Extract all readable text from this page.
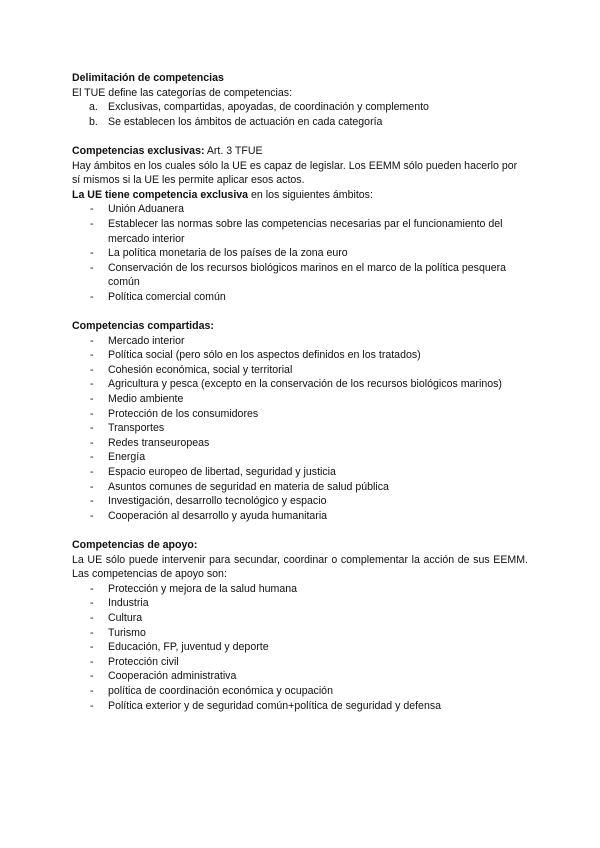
Delimitación de competencias

El TUE define las categorías de competencias:

a. Exclusivas, compartidas, apoyadas, de coordinación y complemento
b. Se establecen los ámbitos de actuación en cada categoría

Competencias exclusivas: Art. 3 TFUE

Hay ámbitos en los cuales sólo la UE es capaz de legislar. Los EEMM sólo pueden hacerlo por sí mismos si la UE les permite aplicar esos actos.

La UE tiene competencia exclusiva en los siguientes ámbitos:

- Unión Aduanera
- Establecer las normas sobre las competencias necesarias par el funcionamiento del mercado interior
- La política monetaria de los países de la zona euro
- Conservación de los recursos biológicos marinos en el marco de la política pesquera común
- Política comercial común

Competencias compartidas:

- Mercado interior
- Política social (pero sólo en los aspectos definidos en los tratados)
- Cohesión económica, social y territorial
- Agricultura y pesca (excepto en la conservación de los recursos biológicos marinos)
- Medio ambiente
- Protección de los consumidores
- Transportes
- Redes transeuropeas
- Energía
- Espacio europeo de libertad, seguridad y justicia
- Asuntos comunes de seguridad en materia de salud pública
- Investigación, desarrollo tecnológico y espacio
- Cooperación al desarrollo y ayuda humanitaria

Competencias de apoyo:

La UE sólo puede intervenir para secundar, coordinar o complementar la acción de sus EEMM. Las competencias de apoyo son:

- Protección y mejora de la salud humana
- Industria
- Cultura
- Turismo
- Educación, FP, juventud y deporte
- Protección civil
- Cooperación administrativa
- política de coordinación económica y ocupación
- Política exterior y de seguridad común+política de seguridad y defensa
